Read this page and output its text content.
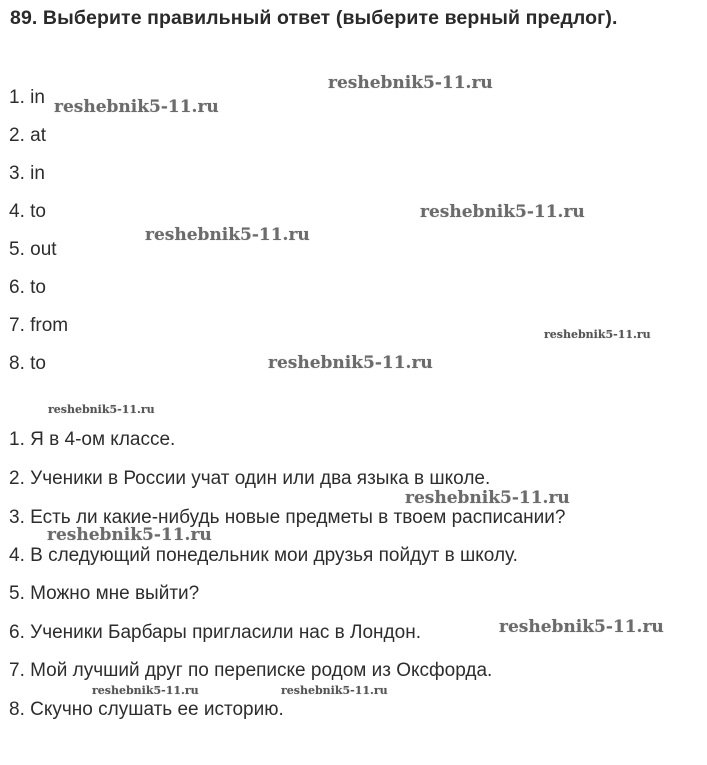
89. Выберите правильный ответ (выберите верный предлог).
1. in
2. at
3. in
4. to
5. out
6. to
7. from
8. to
1. Я в 4-ом классе.
2. Ученики в России учат один или два языка в школе.
3. Есть ли какие-нибудь новые предметы в твоем расписании?
4. В следующий понедельник мои друзья пойдут в школу.
5. Можно мне выйти?
6. Ученики Барбары пригласили нас в Лондон.
7. Мой лучший друг по переписке родом из Оксфорда.
8. Скучно слушать ее историю.
reshebnik5-11.ru
reshebnik5-11.ru
reshebnik5-11.ru
reshebnik5-11.ru
reshebnik5-11.ru
reshebnik5-11.ru
reshebnik5-11.ru
reshebnik5-11.ru
reshebnik5-11.ru
reshebnik5-11.ru
reshebnik5-11.ru	reshebnik5-11.ru
